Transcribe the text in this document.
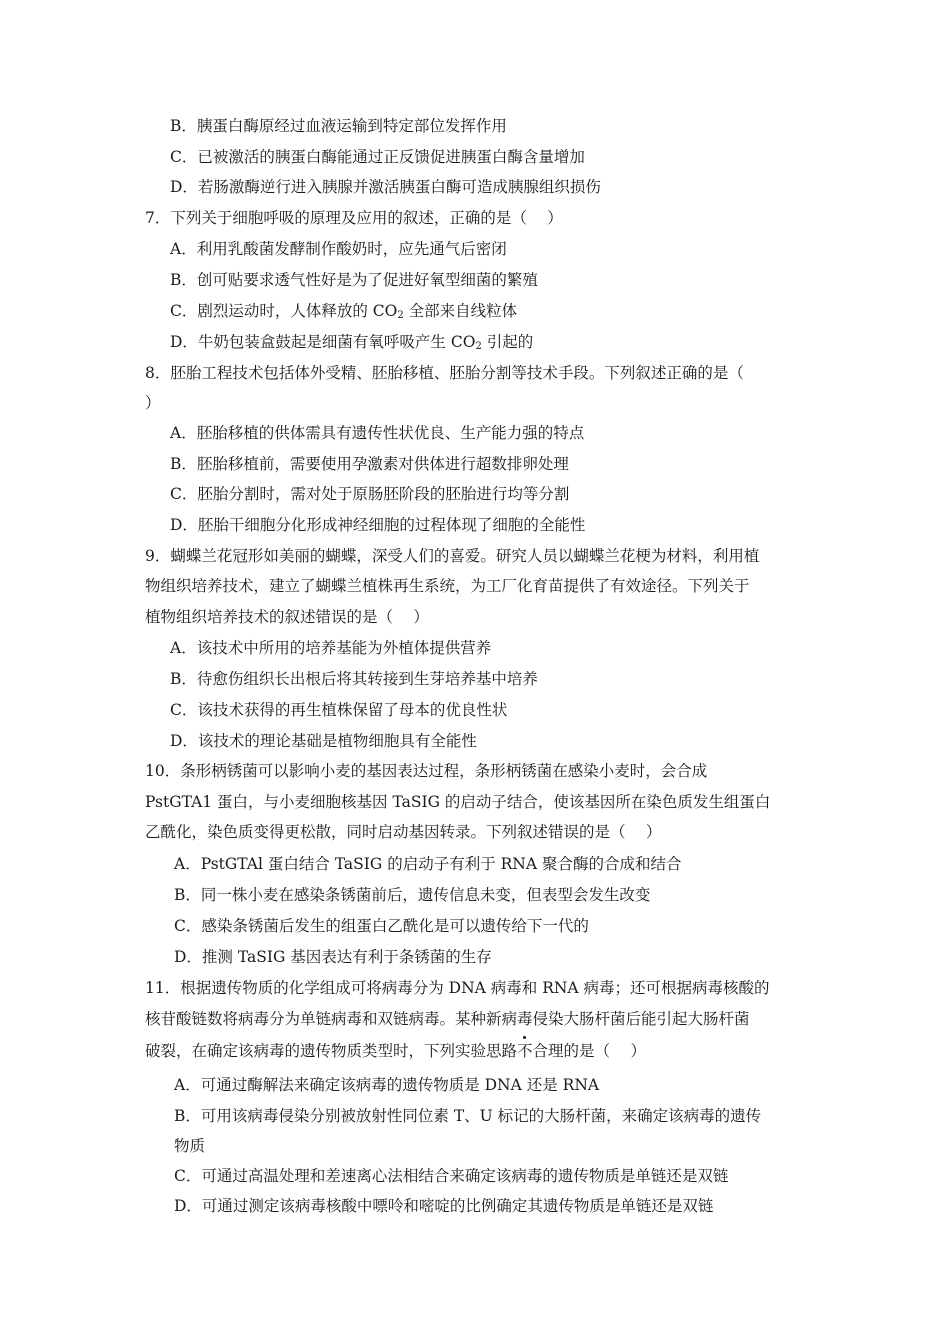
B．胰蛋白酶原经过血液运输到特定部位发挥作用
C．已被激活的胰蛋白酶能通过正反馈促进胰蛋白酶含量增加
D．若肠激酶逆行进入胰腺并激活胰蛋白酶可造成胰腺组织损伤
7．下列关于细胞呼吸的原理及应用的叙述，正确的是（　 ）
A．利用乳酸菌发酵制作酸奶时，应先通气后密闭
B．创可贴要求透气性好是为了促进好氧型细菌的繁殖
C．剧烈运动时，人体释放的 $CO_2$ 全部来自线粒体
D．牛奶包装盒鼓起是细菌有氧呼吸产生 $CO_2$ 引起的
8．胚胎工程技术包括体外受精、胚胎移植、胚胎分割等技术手段。下列叙述正确的是（
）
A．胚胎移植的供体需具有遗传性状优良、生产能力强的特点
B．胚胎移植前，需要使用孕激素对供体进行超数排卵处理
C．胚胎分割时，需对处于原肠胚阶段的胚胎进行均等分割
D．胚胎干细胞分化形成神经细胞的过程体现了细胞的全能性
9．蝴蝶兰花冠形如美丽的蝴蝶，深受人们的喜爱。研究人员以蝴蝶兰花梗为材料，利用植
物组织培养技术，建立了蝴蝶兰植株再生系统，为工厂化育苗提供了有效途径。下列关于
植物组织培养技术的叙述错误的是（　 ）
A．该技术中所用的培养基能为外植体提供营养
B．待愈伤组织长出根后将其转接到生芽培养基中培养
C．该技术获得的再生植株保留了母本的优良性状
D．该技术的理论基础是植物细胞具有全能性
10．条形柄锈菌可以影响小麦的基因表达过程，条形柄锈菌在感染小麦时，会合成
PstGTA1 蛋白，与小麦细胞核基因 TaSIG 的启动子结合，使该基因所在染色质发生组蛋白
乙酰化，染色质变得更松散，同时启动基因转录。下列叙述错误的是（　 ）
A．PstGTAl 蛋白结合 TaSIG 的启动子有利于 RNA 聚合酶的合成和结合
B．同一株小麦在感染条锈菌前后，遗传信息未变，但表型会发生改变
C．感染条锈菌后发生的组蛋白乙酰化是可以遗传给下一代的
D．推测 TaSIG 基因表达有利于条锈菌的生存
11．根据遗传物质的化学组成可将病毒分为 DNA 病毒和 RNA 病毒；还可根据病毒核酸的
核苷酸链数将病毒分为单链病毒和双链病毒。某种新病毒侵染大肠杆菌后能引起大肠杆菌
破裂，在确定该病毒的遗传物质类型时，下列实验思路不合理的是（　 ）
A．可通过酶解法来确定该病毒的遗传物质是 DNA 还是 RNA
B．可用该病毒侵染分别被放射性同位素 T、U 标记的大肠杆菌，来确定该病毒的遗传
物质
C．可通过高温处理和差速离心法相结合来确定该病毒的遗传物质是单链还是双链
D．可通过测定该病毒核酸中嘌呤和嘧啶的比例确定其遗传物质是单链还是双链
